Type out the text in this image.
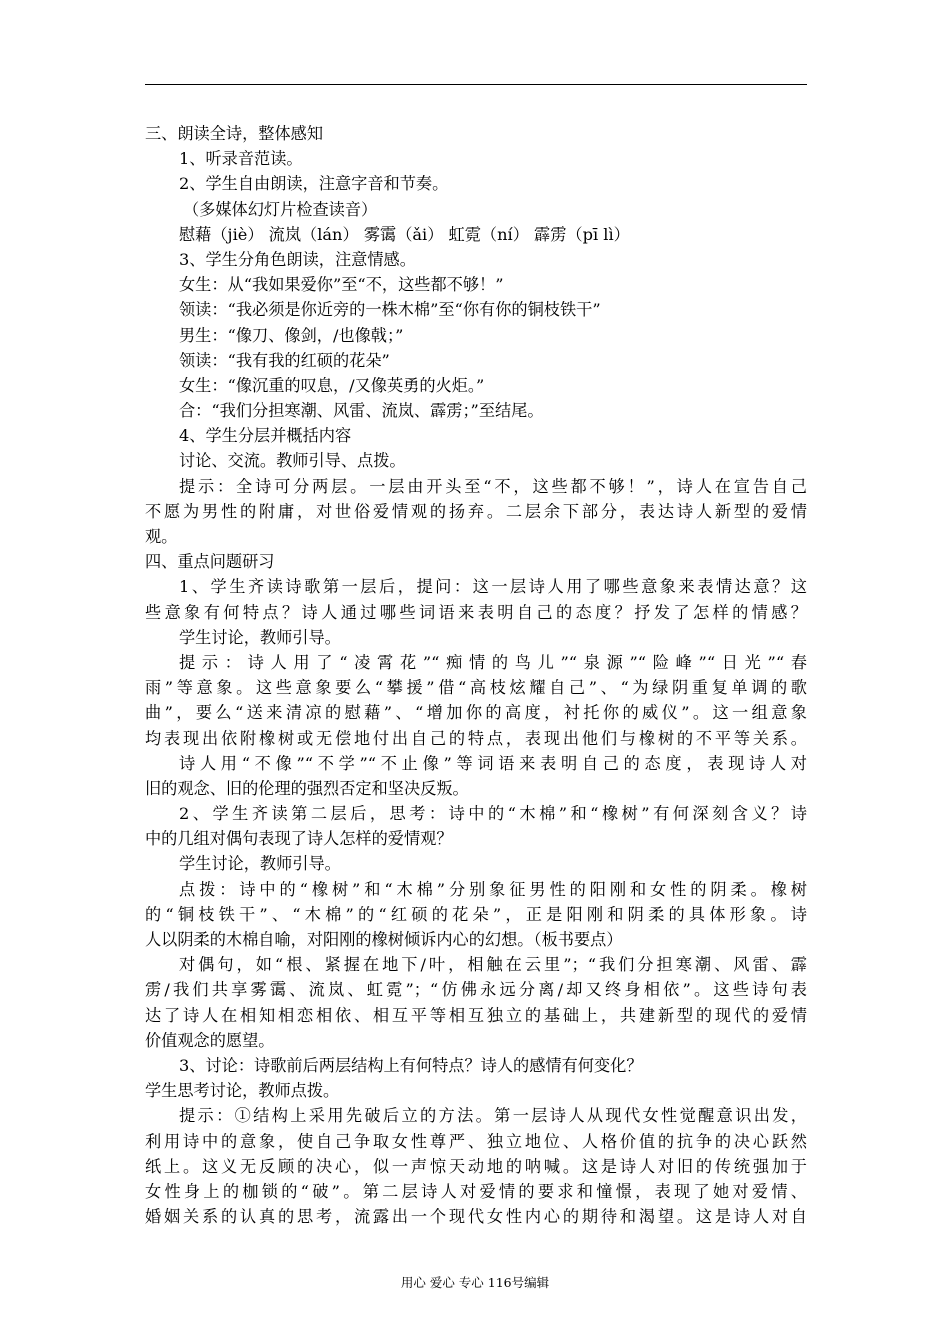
三、朗读全诗，整体感知
1、听录音范读。
2、学生自由朗读，注意字音和节奏。
（多媒体幻灯片检查读音）
慰藉（jiè） 流岚（lán） 雾霭（ǎi） 虹霓（ní） 霹雳（pī lì）
3、学生分角色朗读，注意情感。
女生：从“我如果爱你”至“不，这些都不够！”
领读：“我必须是你近旁的一株木棉”至“你有你的铜枝铁干”
男生：“像刀、像剑，/也像戟；”
领读：“我有我的红硕的花朵”
女生：“像沉重的叹息，/又像英勇的火炬。”
合：“我们分担寒潮、风雷、流岚、霹雳；”至结尾。
4、学生分层并概括内容
讨论、交流。教师引导、点拨。
提示：全诗可分两层。一层由开头至“不，这些都不够！”，诗人在宣告自己
不愿为男性的附庸，对世俗爱情观的扬弃。二层余下部分，表达诗人新型的爱情
观。
四、重点问题研习
1、学生齐读诗歌第一层后，提问：这一层诗人用了哪些意象来表情达意？这
些意象有何特点？诗人通过哪些词语来表明自己的态度？抒发了怎样的情感？
学生讨论，教师引导。
提示：诗人用了“凌霄花”“痴情的鸟儿”“泉源”“险峰”“日光”“春
雨”等意象。这些意象要么“攀援”借“高枝炫耀自己”、“为绿阴重复单调的歌
曲”，要么“送来清凉的慰藉”、“增加你的高度，衬托你的威仪”。这一组意象
均表现出依附橡树或无偿地付出自己的特点，表现出他们与橡树的不平等关系。
诗人用“不像”“不学”“不止像”等词语来表明自己的态度，表现诗人对
旧的观念、旧的伦理的强烈否定和坚决反叛。
2、学生齐读第二层后，思考：诗中的“木棉”和“橡树”有何深刻含义？诗
中的几组对偶句表现了诗人怎样的爱情观？
学生讨论，教师引导。
点拨：诗中的“橡树”和“木棉”分别象征男性的阳刚和女性的阴柔。橡树
的“铜枝铁干”、“木棉”的“红硕的花朵”，正是阳刚和阴柔的具体形象。诗
人以阴柔的木棉自喻，对阳刚的橡树倾诉内心的幻想。（板书要点）
对偶句，如“根、紧握在地下/叶，相触在云里”；“我们分担寒潮、风雷、霹
雳/我们共享雾霭、流岚、虹霓”；“仿佛永远分离/却又终身相依”。这些诗句表
达了诗人在相知相恋相依、相互平等相互独立的基础上，共建新型的现代的爱情
价值观念的愿望。
3、讨论：诗歌前后两层结构上有何特点？诗人的感情有何变化？
学生思考讨论，教师点拨。
提示：①结构上采用先破后立的方法。第一层诗人从现代女性觉醒意识出发，
利用诗中的意象，使自己争取女性尊严、独立地位、人格价值的抗争的决心跃然
纸上。这义无反顾的决心，似一声惊天动地的呐喊。这是诗人对旧的传统强加于
女性身上的枷锁的“破”。第二层诗人对爱情的要求和憧憬，表现了她对爱情、
婚姻关系的认真的思考，流露出一个现代女性内心的期待和渴望。这是诗人对自
用心 爱心 专心 116号编辑
